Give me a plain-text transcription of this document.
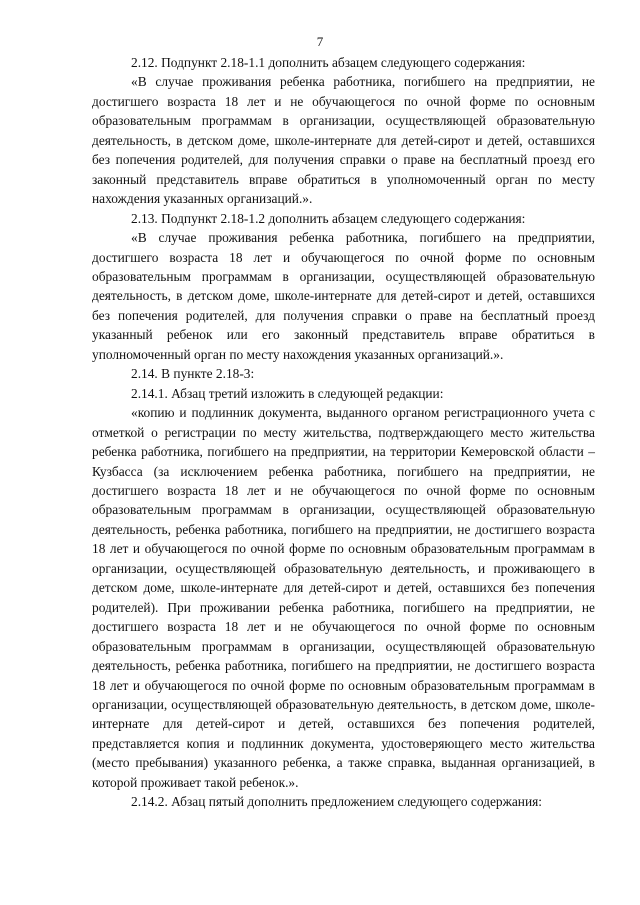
7

2.12. Подпункт 2.18-1.1 дополнить абзацем следующего содержания:

«В случае проживания ребенка работника, погибшего на предприятии, не достигшего возраста 18 лет и не обучающегося по очной форме по основным образовательным программам в организации, осуществляющей образовательную деятельность, в детском доме, школе-интернате для детей-сирот и детей, оставшихся без попечения родителей, для получения справки о праве на бесплатный проезд его законный представитель вправе обратиться в уполномоченный орган по месту нахождения указанных организаций.».

2.13. Подпункт 2.18-1.2 дополнить абзацем следующего содержания:

«В случае проживания ребенка работника, погибшего на предприятии, достигшего возраста 18 лет и обучающегося по очной форме по основным образовательным программам в организации, осуществляющей образовательную деятельность, в детском доме, школе-интернате для детей-сирот и детей, оставшихся без попечения родителей, для получения справки о праве на бесплатный проезд указанный ребенок или его законный представитель вправе обратиться в уполномоченный орган по месту нахождения указанных организаций.».

2.14. В пункте 2.18-3:

2.14.1. Абзац третий изложить в следующей редакции:

«копию и подлинник документа, выданного органом регистрационного учета с отметкой о регистрации по месту жительства, подтверждающего место жительства ребенка работника, погибшего на предприятии, на территории Кемеровской области – Кузбасса (за исключением ребенка работника, погибшего на предприятии, не достигшего возраста 18 лет и не обучающегося по очной форме по основным образовательным программам в организации, осуществляющей образовательную деятельность, ребенка работника, погибшего на предприятии, не достигшего возраста 18 лет и обучающегося по очной форме по основным образовательным программам в организации, осуществляющей образовательную деятельность, и проживающего в детском доме, школе-интернате для детей-сирот и детей, оставшихся без попечения родителей). При проживании ребенка работника, погибшего на предприятии, не достигшего возраста 18 лет и не обучающегося по очной форме по основным образовательным программам в организации, осуществляющей образовательную деятельность, ребенка работника, погибшего на предприятии, не достигшего возраста 18 лет и обучающегося по очной форме по основным образовательным программам в организации, осуществляющей образовательную деятельность, в детском доме, школе-интернате для детей-сирот и детей, оставшихся без попечения родителей, представляется копия и подлинник документа, удостоверяющего место жительства (место пребывания) указанного ребенка, а также справка, выданная организацией, в которой проживает такой ребенок.».

2.14.2. Абзац пятый дополнить предложением следующего содержания:
